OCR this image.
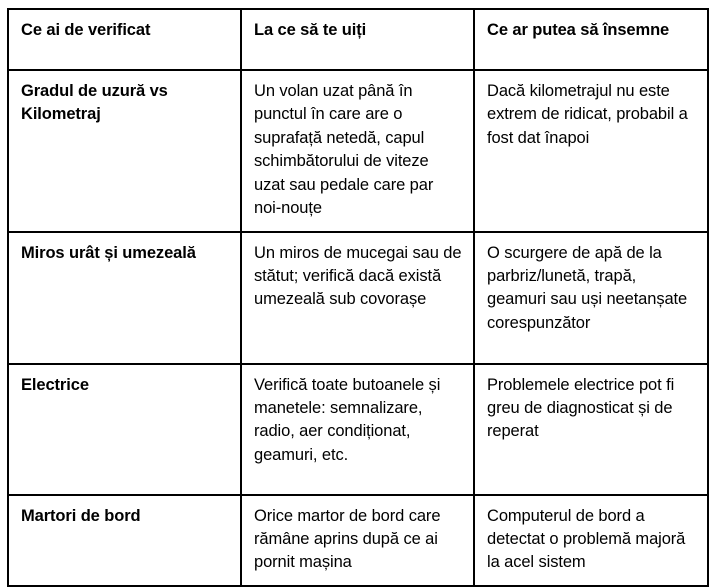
Ce ai de verificat	La ce să te uiți	Ce ar putea să însemne
Gradul de uzură vs Kilometraj	Un volan uzat până în punctul în care are o suprafață netedă, capul schimbătorului de viteze uzat sau pedale care par noi-nouțe	Dacă kilometrajul nu este extrem de ridicat, probabil a fost dat înapoi
Miros urât și umezeală	Un miros de mucegai sau de stătut; verifică dacă există umezeală sub covorașe	O scurgere de apă de la parbriz/lunetă, trapă, geamuri sau uși neetanșate corespunzător
Electrice	Verifică toate butoanele și manetele: semnalizare, radio, aer condiționat, geamuri, etc.	Problemele electrice pot fi greu de diagnosticat și de reperat
Martori de bord	Orice martor de bord care rămâne aprins după ce ai pornit mașina	Computerul de bord a detectat o problemă majoră la acel sistem
